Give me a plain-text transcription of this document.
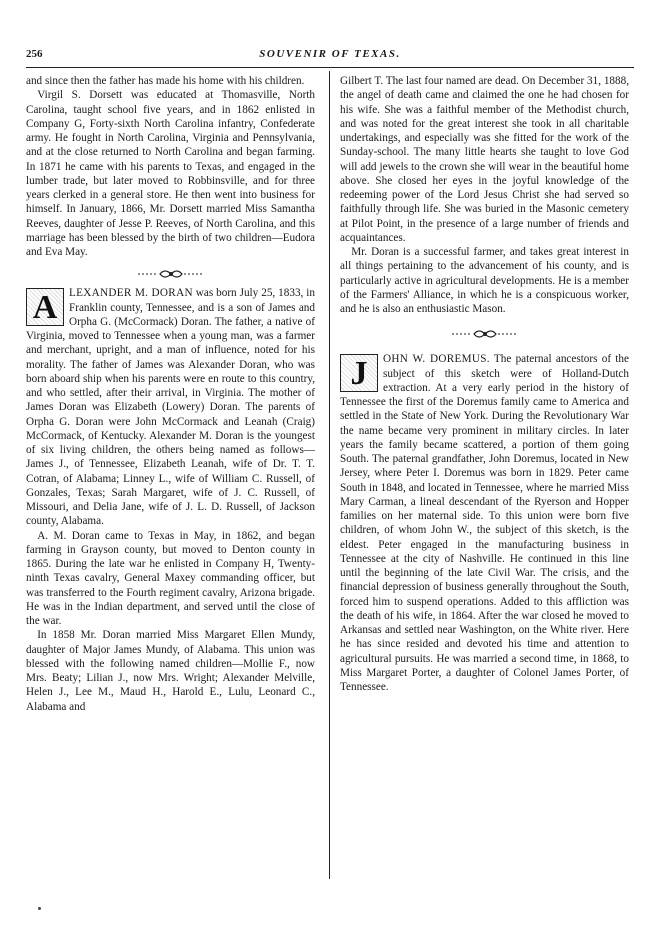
256	SOUVENIR OF TEXAS.

and since then the father has made his home with his children.

Virgil S. Dorsett was educated at Thomasville, North Carolina, taught school five years, and in 1862 enlisted in Company G, Forty-sixth North Carolina infantry, Confederate army. He fought in North Carolina, Virginia and Pennsylvania, and at the close returned to North Carolina and began farming. In 1871 he came with his parents to Texas, and engaged in the lumber trade, but later moved to Robbinsville, and for three years clerked in a general store. He then went into business for himself. In January, 1866, Mr. Dorsett married Miss Samantha Reeves, daughter of Jesse P. Reeves, of North Carolina, and this marriage has been blessed by the birth of two children—Eudora and Eva May.

A	LEXANDER M. DORAN was born July 25, 1833, in Franklin county, Tennessee, and is a son of James and Orpha G. (McCormack) Doran. The father, a native of Virginia, moved to Tennessee when a young man, was a farmer and merchant, upright, and a man of influence, noted for his morality. The father of James was Alexander Doran, who was born aboard ship when his parents were en route to this country, and who settled, after their arrival, in Virginia. The mother of James Doran was Elizabeth (Lowery) Doran. The parents of Orpha G. Doran were John McCormack and Leanah (Craig) McCormack, of Kentucky. Alexander M. Doran is the youngest of six living children, the others being named as follows—James J., of Tennessee, Elizabeth Leanah, wife of Dr. T. T. Cotran, of Alabama; Linney L., wife of William C. Russell, of Gonzales, Texas; Sarah Margaret, wife of J. C. Russell, of Missouri, and Delia Jane, wife of J. L. D. Russell, of Jackson county, Alabama.

A. M. Doran came to Texas in May, in 1862, and began farming in Grayson county, but moved to Denton county in 1865. During the late war he enlisted in Company H, Twenty-ninth Texas cavalry, General Maxey commanding officer, but was transferred to the Fourth regiment cavalry, Arizona brigade. He was in the Indian department, and served until the close of the war.

In 1858 Mr. Doran married Miss Margaret Ellen Mundy, daughter of Major James Mundy, of Alabama. This union was blessed with the following named children—Mollie F., now Mrs. Beaty; Lilian J., now Mrs. Wright; Alexander Melville, Helen J., Lee M., Maud H., Harold E., Lulu, Leonard C., Alabama and

Gilbert T. The last four named are dead. On December 31, 1888, the angel of death came and claimed the one he had chosen for his wife. She was a faithful member of the Methodist church, and was noted for the great interest she took in all charitable undertakings, and especially was she fitted for the work of the Sunday-school. The many little hearts she taught to love God will add jewels to the crown she will wear in the beautiful home above. She closed her eyes in the joyful knowledge of the redeeming power of the Lord Jesus Christ she had served so faithfully through life. She was buried in the Masonic cemetery at Pilot Point, in the presence of a large number of friends and acquaintances.

Mr. Doran is a successful farmer, and takes great interest in all things pertaining to the advancement of his county, and is particularly active in agricultural developments. He is a member of the Farmers' Alliance, in which he is a conspicuous worker, and he is also an enthusiastic Mason.

J	OHN W. DOREMUS. The paternal ancestors of the subject of this sketch were of Holland-Dutch extraction. At a very early period in the history of Tennessee the first of the Doremus family came to America and settled in the State of New York. During the Revolutionary War the name became very prominent in military circles. In later years the family became scattered, a portion of them going South. The paternal grandfather, John Doremus, located in New Jersey, where Peter I. Doremus was born in 1829. Peter came South in 1848, and located in Tennessee, where he married Miss Mary Carman, a lineal descendant of the Ryerson and Hopper families on her maternal side. To this union were born five children, of whom John W., the subject of this sketch, is the eldest. Peter engaged in the manufacturing business in Tennessee at the city of Nashville. He continued in this line until the beginning of the late Civil War. The crisis, and the financial depression of business generally throughout the South, forced him to suspend operations. Added to this affliction was the death of his wife, in 1864. After the war closed he moved to Arkansas and settled near Washington, on the White river. Here he has since resided and devoted his time and attention to agricultural pursuits. He was married a second time, in 1868, to Miss Margaret Porter, a daughter of Colonel James Porter, of Tennessee.
